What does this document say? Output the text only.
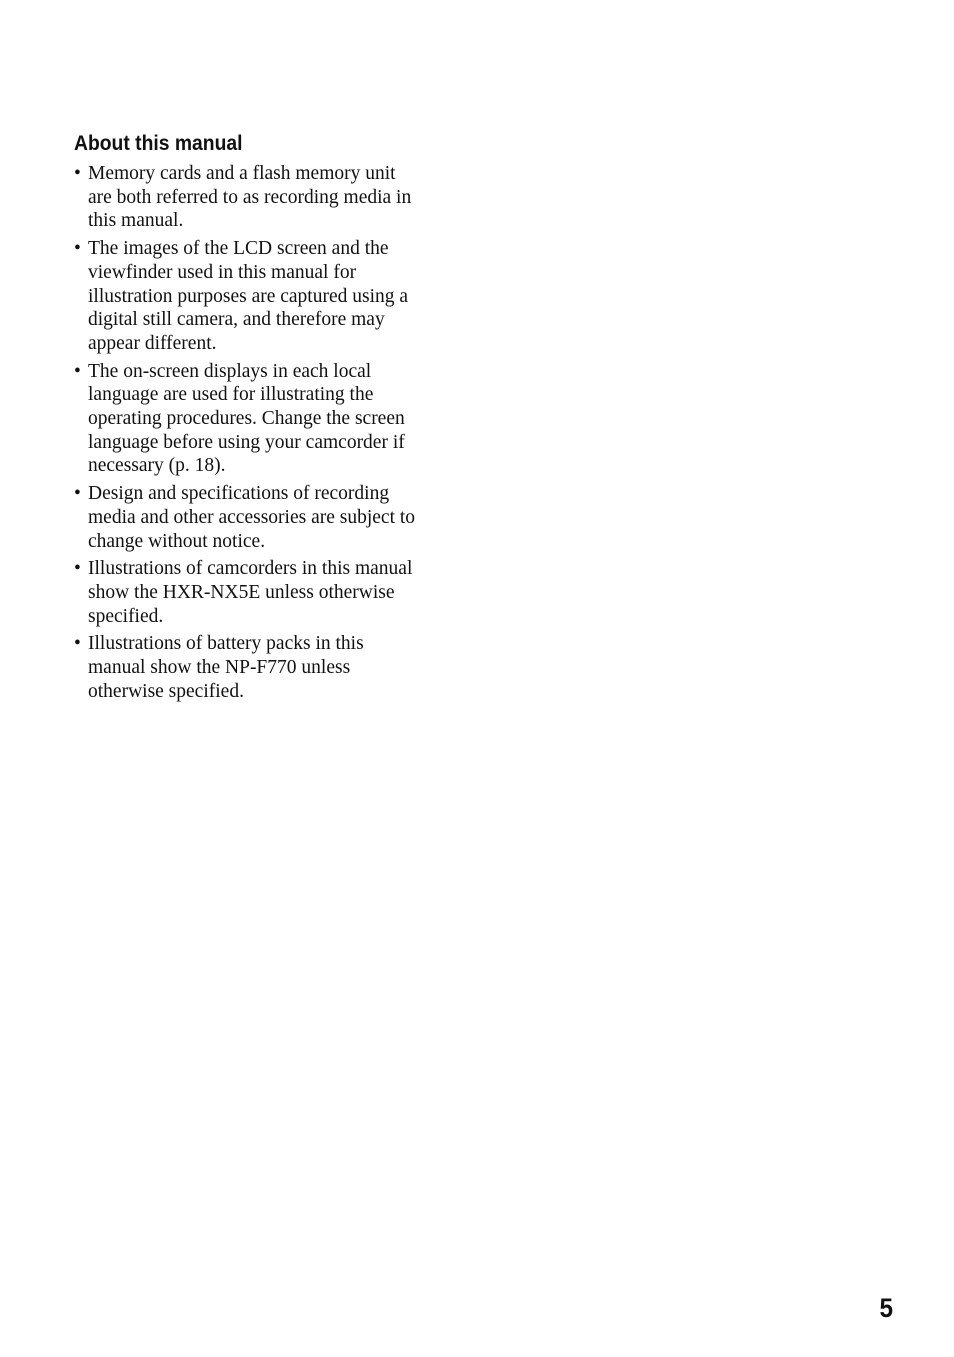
About this manual
• Memory cards and a flash memory unit
are both referred to as recording media in
this manual.
• The images of the LCD screen and the
viewfinder used in this manual for
illustration purposes are captured using a
digital still camera, and therefore may
appear different.
• The on-screen displays in each local
language are used for illustrating the
operating procedures. Change the screen
language before using your camcorder if
necessary (p. 18).
• Design and specifications of recording
media and other accessories are subject to
change without notice.
• Illustrations of camcorders in this manual
show the HXR-NX5E unless otherwise
specified.
• Illustrations of battery packs in this
manual show the NP-F770 unless
otherwise specified.
5
